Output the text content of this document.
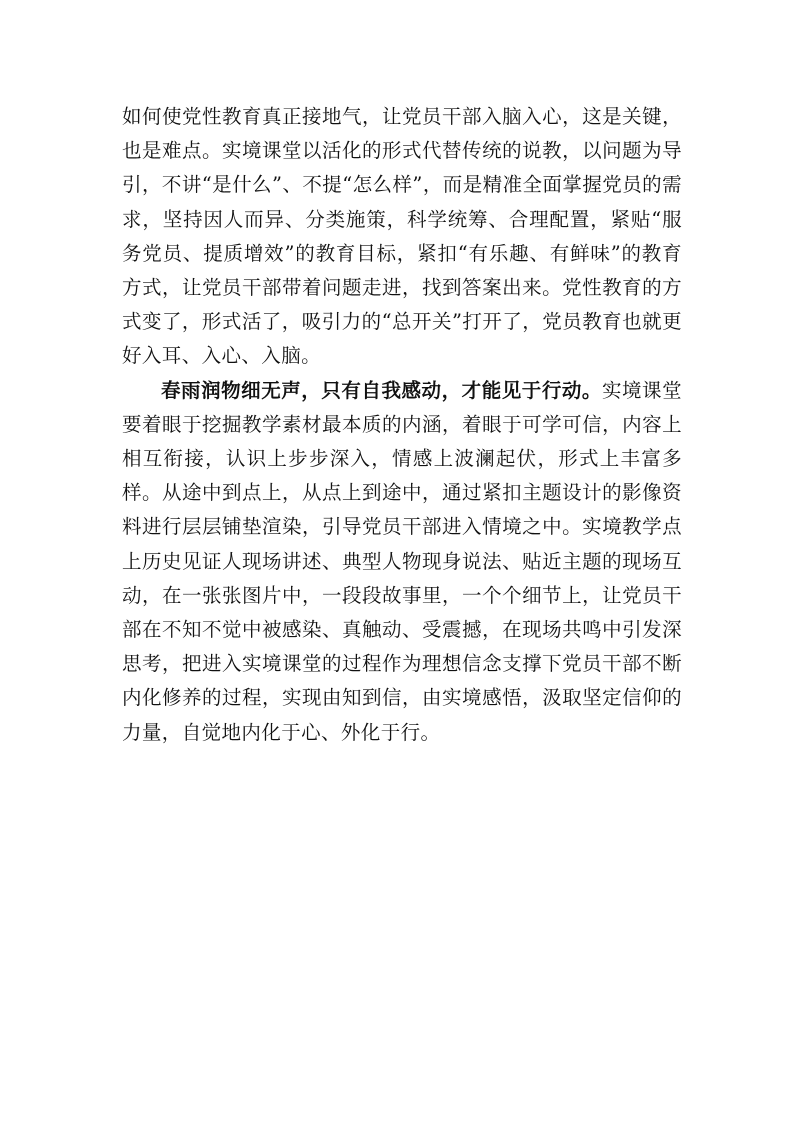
如何使党性教育真正接地气，让党员干部入脑入心，这是关键，也是难点。实境课堂以活化的形式代替传统的说教，以问题为导引，不讲“是什么”、不提“怎么样”，而是精准全面掌握党员的需求，坚持因人而异、分类施策，科学统筹、合理配置，紧贴“服务党员、提质增效”的教育目标，紧扣“有乐趣、有鲜味”的教育方式，让党员干部带着问题走进，找到答案出来。党性教育的方式变了，形式活了，吸引力的“总开关”打开了，党员教育也就更好入耳、入心、入脑。

春雨润物细无声，只有自我感动，才能见于行动。实境课堂要着眼于挖掘教学素材最本质的内涵，着眼于可学可信，内容上相互衔接，认识上步步深入，情感上波澜起伏，形式上丰富多样。从途中到点上，从点上到途中，通过紧扣主题设计的影像资料进行层层铺垫渲染，引导党员干部进入情境之中。实境教学点上历史见证人现场讲述、典型人物现身说法、贴近主题的现场互动，在一张张图片中，一段段故事里，一个个细节上，让党员干部在不知不觉中被感染、真触动、受震撼，在现场共鸣中引发深思考，把进入实境课堂的过程作为理想信念支撑下党员干部不断内化修养的过程，实现由知到信，由实境感悟，汲取坚定信仰的力量，自觉地内化于心、外化于行。
